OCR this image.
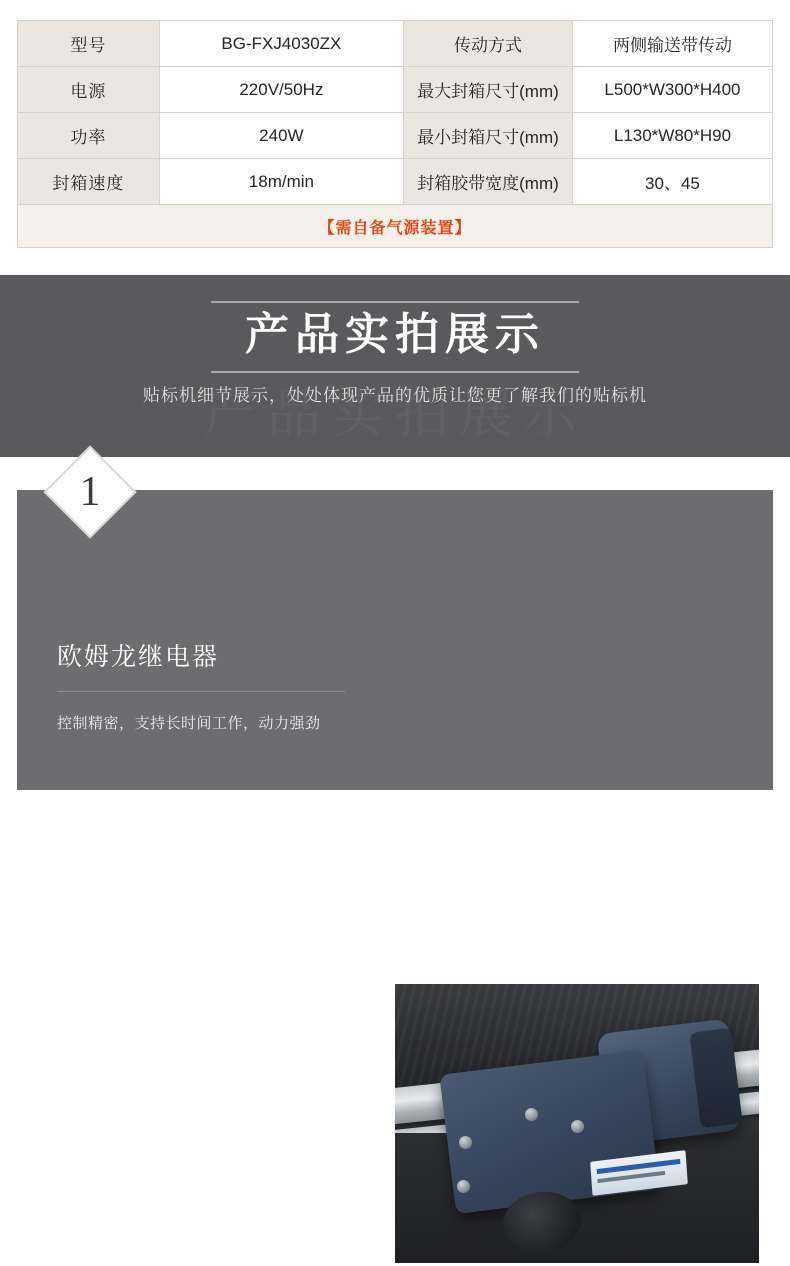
型号	BG-FXJ4030ZX	传动方式	两侧输送带传动
电源	220V/50Hz	最大封箱尺寸(mm)	L500*W300*H400
功率	240W	最小封箱尺寸(mm)	L130*W80*H90
封箱速度	18m/min	封箱胶带宽度(mm)	30、45
【需自备气源装置】			
产品实拍展示
贴标机细节展示，处处体现产品的优质让您更了解我们的贴标机
1
欧姆龙继电器
控制精密，支持长时间工作，动力强劲
